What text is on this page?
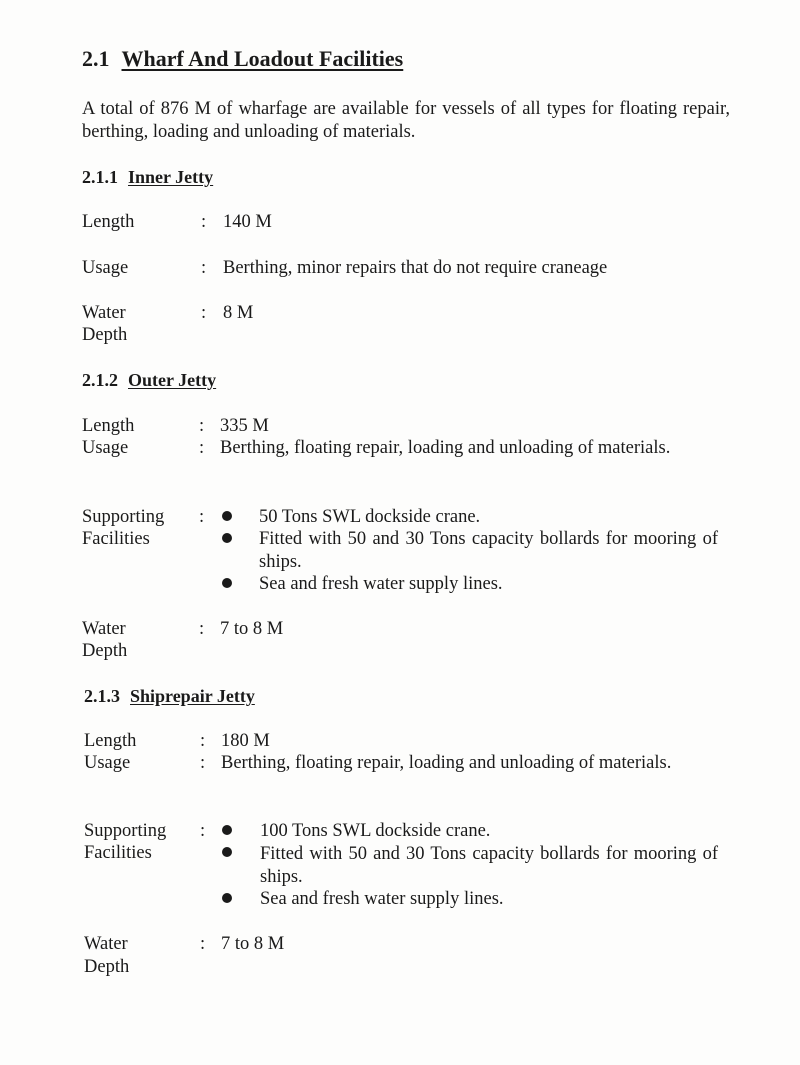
2.1 Wharf And Loadout Facilities
A total of 876 M of wharfage are available for vessels of all types for floating repair, berthing, loading and unloading of materials.
2.1.1 Inner Jetty
Length	: 140 M
Usage	: Berthing, minor repairs that do not require craneage
Water
Depth
: 8 M
2.1.2 Outer Jetty
Length	: 335 M
Usage	: Berthing, floating repair, loading and unloading of materials.
Supporting
Facilities
:	50 Tons SWL dockside crane.
Fitted with 50 and 30 Tons capacity bollards for mooring of ships.
Sea and fresh water supply lines.
Water
Depth
: 7 to 8 M
2.1.3 Shiprepair Jetty
Length	: 180 M
Usage	: Berthing, floating repair, loading and unloading of materials.
Supporting
Facilities
:	100 Tons SWL dockside crane.
Fitted with 50 and 30 Tons capacity bollards for mooring of ships.
Sea and fresh water supply lines.
Water
Depth
: 7 to 8 M
